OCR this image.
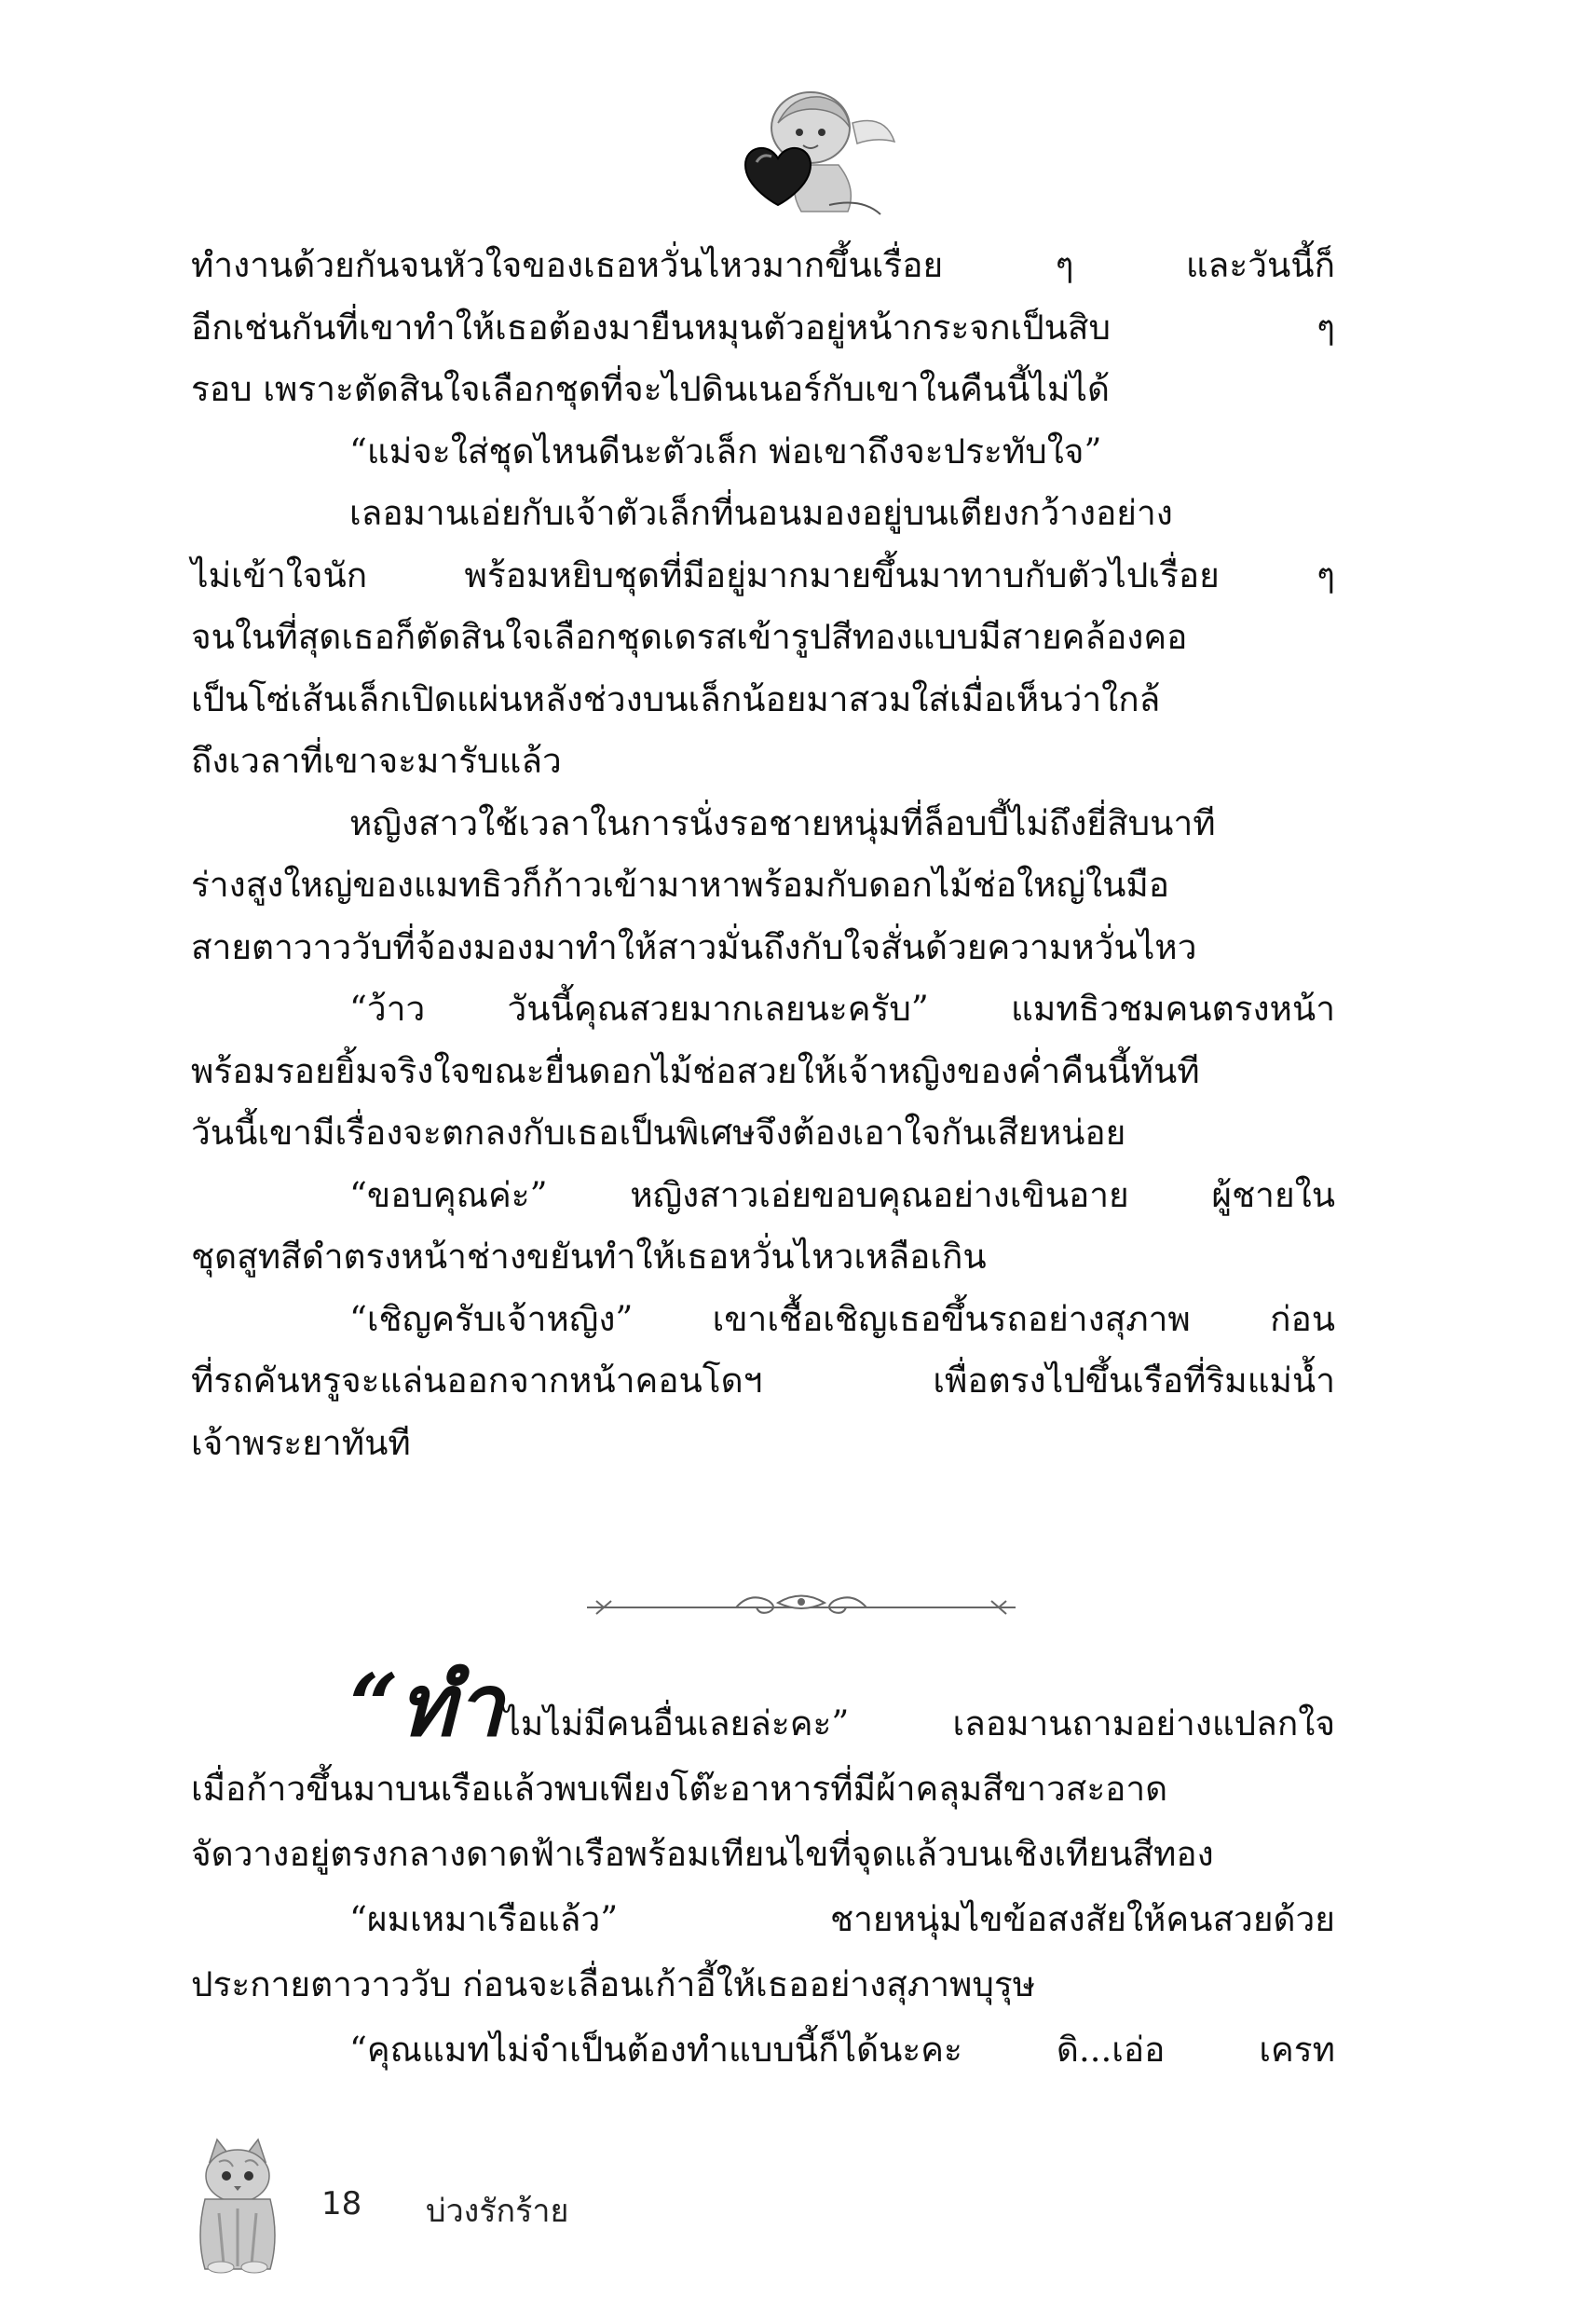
ทำงานด้วยกันจนหัวใจของเธอหวั่นไหวมากขึ้นเรื่อย ๆ และวันนี้ก็

อีกเช่นกันที่เขาทำให้เธอต้องมายืนหมุนตัวอยู่หน้ากระจกเป็นสิบ ๆ

รอบ เพราะตัดสินใจเลือกชุดที่จะไปดินเนอร์กับเขาในคืนนี้ไม่ได้

“แม่จะใส่ชุดไหนดีนะตัวเล็ก พ่อเขาถึงจะประทับใจ”

เลอมานเอ่ยกับเจ้าตัวเล็กที่นอนมองอยู่บนเตียงกว้างอย่าง

ไม่เข้าใจนัก พร้อมหยิบชุดที่มีอยู่มากมายขึ้นมาทาบกับตัวไปเรื่อย ๆ

จนในที่สุดเธอก็ตัดสินใจเลือกชุดเดรสเข้ารูปสีทองแบบมีสายคล้องคอ

เป็นโซ่เส้นเล็กเปิดแผ่นหลังช่วงบนเล็กน้อยมาสวมใส่เมื่อเห็นว่าใกล้

ถึงเวลาที่เขาจะมารับแล้ว

หญิงสาวใช้เวลาในการนั่งรอชายหนุ่มที่ล็อบบี้ไม่ถึงยี่สิบนาที

ร่างสูงใหญ่ของแมทธิวก็ก้าวเข้ามาหาพร้อมกับดอกไม้ช่อใหญ่ในมือ

สายตาวาววับที่จ้องมองมาทำให้สาวมั่นถึงกับใจสั่นด้วยความหวั่นไหว

“ว้าว วันนี้คุณสวยมากเลยนะครับ” แมทธิวชมคนตรงหน้า

พร้อมรอยยิ้มจริงใจขณะยื่นดอกไม้ช่อสวยให้เจ้าหญิงของค่ำคืนนี้ทันที

วันนี้เขามีเรื่องจะตกลงกับเธอเป็นพิเศษจึงต้องเอาใจกันเสียหน่อย

“ขอบคุณค่ะ” หญิงสาวเอ่ยขอบคุณอย่างเขินอาย ผู้ชายใน

ชุดสูทสีดำตรงหน้าช่างขยันทำให้เธอหวั่นไหวเหลือเกิน

“เชิญครับเจ้าหญิง” เขาเชื้อเชิญเธอขึ้นรถอย่างสุภาพ ก่อน

ที่รถคันหรูจะแล่นออกจากหน้าคอนโดฯ เพื่อตรงไปขึ้นเรือที่ริมแม่น้ำ

เจ้าพระยาทันที

“ทำไมไม่มีคนอื่นเลยล่ะคะ” เลอมานถามอย่างแปลกใจ

เมื่อก้าวขึ้นมาบนเรือแล้วพบเพียงโต๊ะอาหารที่มีผ้าคลุมสีขาวสะอาด

จัดวางอยู่ตรงกลางดาดฟ้าเรือพร้อมเทียนไขที่จุดแล้วบนเชิงเทียนสีทอง

“ผมเหมาเรือแล้ว” ชายหนุ่มไขข้อสงสัยให้คนสวยด้วย

ประกายตาวาววับ ก่อนจะเลื่อนเก้าอี้ให้เธออย่างสุภาพบุรุษ

“คุณแมทไม่จำเป็นต้องทำแบบนี้ก็ได้นะคะ ดิ...เอ่อ เครท

18 บ่วงรักร้าย
